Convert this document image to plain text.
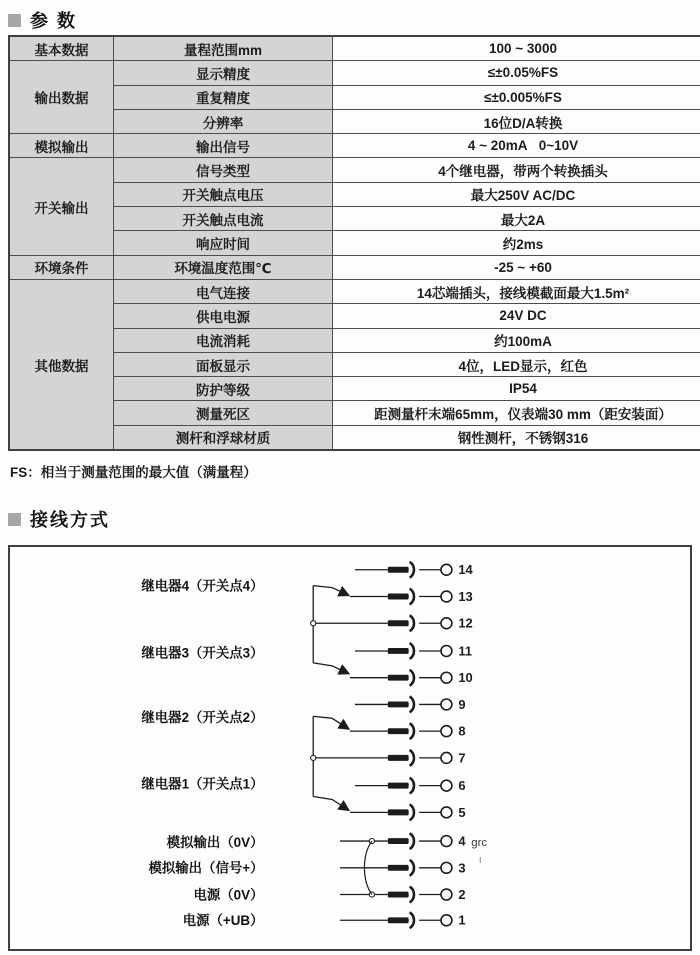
参 数
基本数据	量程范围mm	100 ~ 3000
输出数据	显示精度	≤±0.05%FS
	重复精度	≤±0.005%FS
	分辨率	16位D/A转换
模拟输出	输出信号	4 ~ 20mA   0~10V
开关输出	信号类型	4个继电器，带两个转换插头
	开关触点电压	最大250V AC/DC
	开关触点电流	最大2A
	响应时间	约2ms
环境条件	环境温度范围℃	-25 ~ +60
其他数据	电气连接	14芯端插头，接线模截面最大1.5m²
	供电电源	24V DC
	电流消耗	约100mA
	面板显示	4位，LED显示，红色
	防护等级	IP54
	测量死区	距测量杆末端65mm，仪表端30 mm（距安装面）
	测杆和浮球材质	钢性测杆，不锈钢316
FS：相当于测量范围的最大值（满量程）
接线方式
14
13
12
11
10
9
8
7
6
5
4
3
2
1
继电器4（开关点4）
继电器3（开关点3）
继电器2（开关点2）
继电器1（开关点1）
模拟输出（0V）
模拟输出（信号+）
电源（0V）
电源（+UB）
grc
